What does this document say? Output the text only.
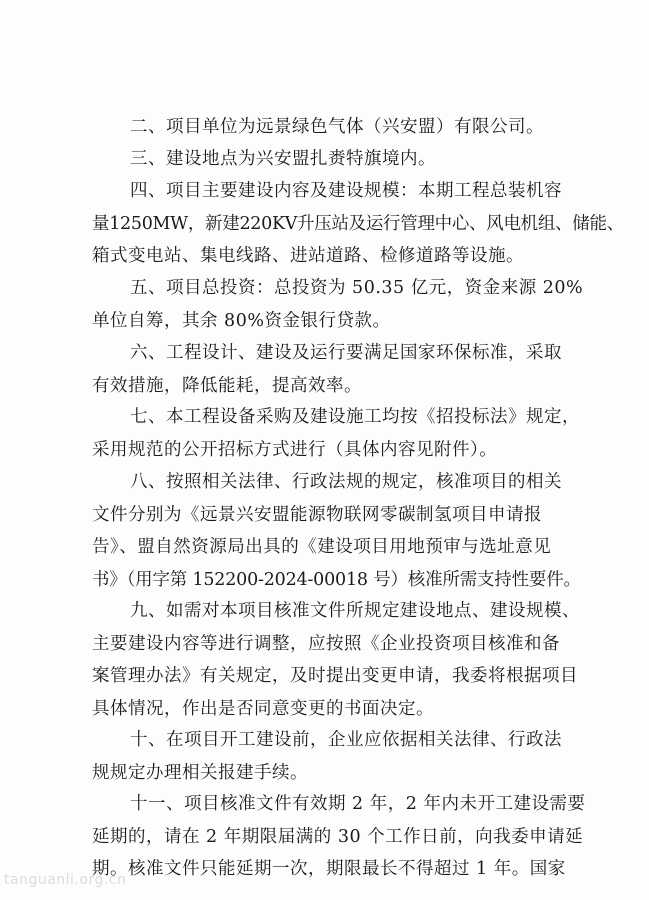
二、项目单位为远景绿色气体（兴安盟）有限公司。
三、建设地点为兴安盟扎赉特旗境内。
四、项目主要建设内容及建设规模：本期工程总装机容
量1250MW，新建220KV升压站及运行管理中心、风电机组、储能、
箱式变电站、集电线路、进站道路、检修道路等设施。
五、项目总投资：总投资为 50.35 亿元，资金来源 20%
单位自筹，其余 80%资金银行贷款。
六、工程设计、建设及运行要满足国家环保标准，采取
有效措施，降低能耗，提高效率。
七、本工程设备采购及建设施工均按《招投标法》规定，
采用规范的公开招标方式进行（具体内容见附件）。
八、按照相关法律、行政法规的规定，核准项目的相关
文件分别为《远景兴安盟能源物联网零碳制氢项目申请报
告》、盟自然资源局出具的《建设项目用地预审与选址意见
书》（用字第 152200-2024-00018 号）核准所需支持性要件。
九、如需对本项目核准文件所规定建设地点、建设规模、
主要建设内容等进行调整，应按照《企业投资项目核准和备
案管理办法》有关规定，及时提出变更申请，我委将根据项目
具体情况，作出是否同意变更的书面决定。
十、在项目开工建设前，企业应依据相关法律、行政法
规规定办理相关报建手续。
十一、项目核准文件有效期 2 年，2 年内未开工建设需要
延期的，请在 2 年期限届满的 30 个工作日前，向我委申请延
期。核准文件只能延期一次，期限最长不得超过 1 年。国家
tanguanli.org.cn
